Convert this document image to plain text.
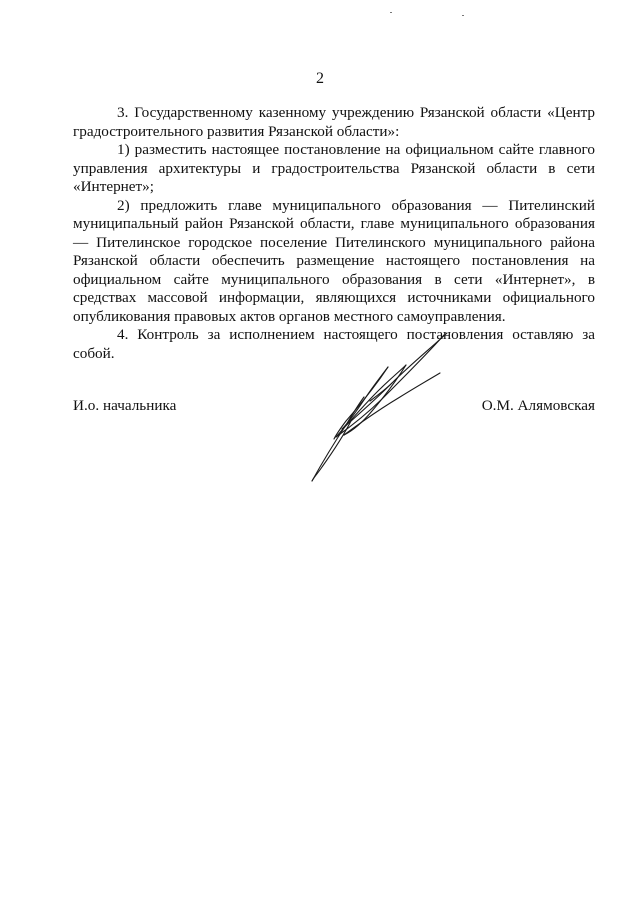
2

3. Государственному казенному учреждению Рязанской области «Центр градостроительного развития Рязанской области»:

1) разместить настоящее постановление на официальном сайте главного управления архитектуры и градостроительства Рязанской области в сети «Интернет»;

2) предложить главе муниципального образования — Пителинский муниципальный район Рязанской области, главе муниципального образования — Пителинское городское поселение Пителинского муниципального района Рязанской области обеспечить размещение настоящего постановления на официальном сайте муниципального образования в сети «Интернет», в средствах массовой информации, являющихся источниками официального опубликования правовых актов органов местного самоуправления.

4. Контроль за исполнением настоящего постановления оставляю за собой.

И.о. начальника	О.М. Алямовская
